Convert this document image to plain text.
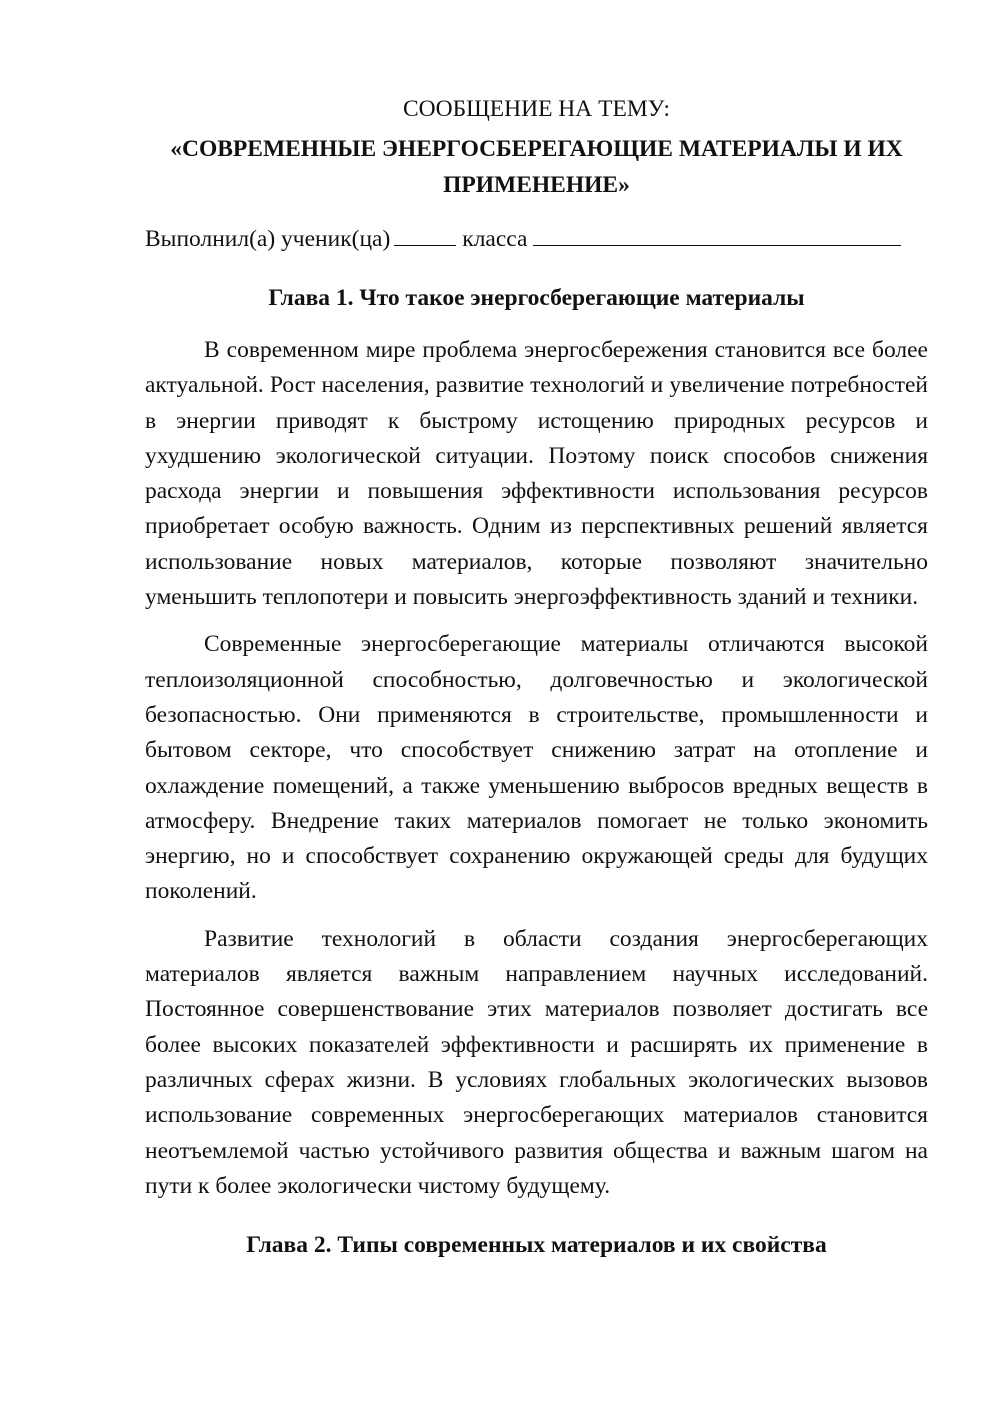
СООБЩЕНИЕ НА ТЕМУ:

«СОВРЕМЕННЫЕ ЭНЕРГОСБЕРЕГАЮЩИЕ МАТЕРИАЛЫ И ИХ ПРИМЕНЕНИЕ»

Выполнил(а) ученик(ца)	класса

Глава 1. Что такое энергосберегающие материалы

В современном мире проблема энергосбережения становится все более актуальной. Рост населения, развитие технологий и увеличение потребностей в энергии приводят к быстрому истощению природных ресурсов и ухудшению экологической ситуации. Поэтому поиск способов снижения расхода энергии и повышения эффективности использования ресурсов приобретает особую важность. Одним из перспективных решений является использование новых материалов, которые позволяют значительно уменьшить теплопотери и повысить энергоэффективность зданий и техники.

Современные энергосберегающие материалы отличаются высокой теплоизоляционной способностью, долговечностью и экологической безопасностью. Они применяются в строительстве, промышленности и бытовом секторе, что способствует снижению затрат на отопление и охлаждение помещений, а также уменьшению выбросов вредных веществ в атмосферу. Внедрение таких материалов помогает не только экономить энергию, но и способствует сохранению окружающей среды для будущих поколений.

Развитие технологий в области создания энергосберегающих материалов является важным направлением научных исследований. Постоянное совершенствование этих материалов позволяет достигать все более высоких показателей эффективности и расширять их применение в различных сферах жизни. В условиях глобальных экологических вызовов использование современных энергосберегающих материалов становится неотъемлемой частью устойчивого развития общества и важным шагом на пути к более экологически чистому будущему.

Глава 2. Типы современных материалов и их свойства
